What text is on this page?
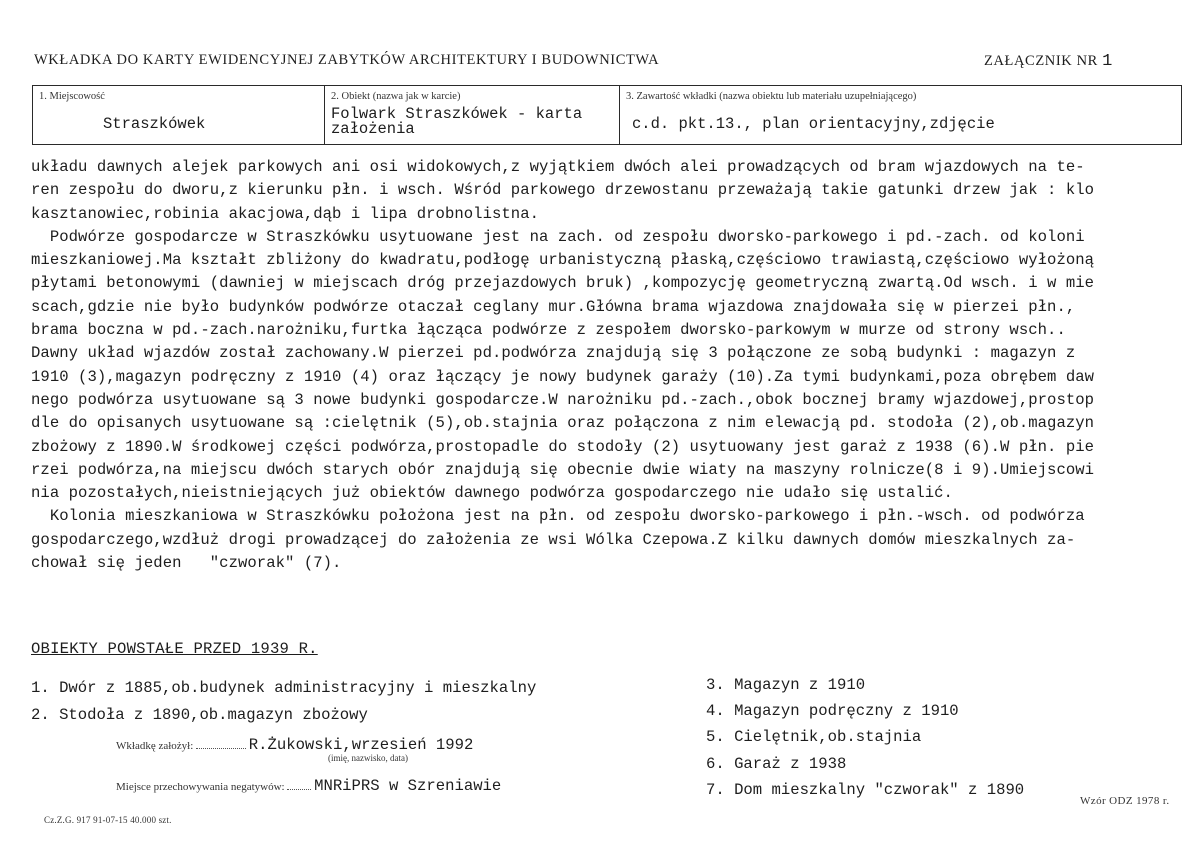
WKŁADKA DO KARTY EWIDENCYJNEJ ZABYTKÓW ARCHITEKTURY I BUDOWNICTWA	ZAŁĄCZNIK NR 1
1. Miejscowość
Straszkówek
2. Obiekt (nazwa jak w karcie)
Folwark Straszkówek - karta
założenia
3. Zawartość wkładki (nazwa obiektu lub materiału uzupełniającego)
c.d. pkt.13., plan orientacyjny,zdjęcie
układu dawnych alejek parkowych ani osi widokowych,z wyjątkiem dwóch alei prowadzących od bram wjazdowych na te-
ren zespołu do dworu,z kierunku płn. i wsch. Wśród parkowego drzewostanu przeważają takie gatunki drzew jak : klo
kasztanowiec,robinia akacjowa,dąb i lipa drobnolistna.
Podwórze gospodarcze w Straszkówku usytuowane jest na zach. od zespołu dworsko-parkowego i pd.-zach. od koloni
mieszkaniowej.Ma kształt zbliżony do kwadratu,podłogę urbanistyczną płaską,częściowo trawiastą,częściowo wyłożoną
płytami betonowymi (dawniej w miejscach dróg przejazdowych bruk) ,kompozycję geometryczną zwartą.Od wsch. i w mie
scach,gdzie nie było budynków podwórze otaczał ceglany mur.Główna brama wjazdowa znajdowała się w pierzei płn.,
brama boczna w pd.-zach.narożniku,furtka łącząca podwórze z zespołem dworsko-parkowym w murze od strony wsch..
Dawny układ wjazdów został zachowany.W pierzei pd.podwórza znajdują się 3 połączone ze sobą budynki : magazyn z
1910 (3),magazyn podręczny z 1910 (4) oraz łączący je nowy budynek garaży (10).Za tymi budynkami,poza obrębem daw
nego podwórza usytuowane są 3 nowe budynki gospodarcze.W narożniku pd.-zach.,obok bocznej bramy wjazdowej,prostop
dle do opisanych usytuowane są :cielętnik (5),ob.stajnia oraz połączona z nim elewacją pd. stodoła (2),ob.magazyn
zbożowy z 1890.W środkowej części podwórza,prostopadle do stodoły (2) usytuowany jest garaż z 1938 (6).W płn. pie
rzei podwórza,na miejscu dwóch starych obór znajdują się obecnie dwie wiaty na maszyny rolnicze(8 i 9).Umiejscowi
nia pozostałych,nieistniejących już obiektów dawnego podwórza gospodarczego nie udało się ustalić.
Kolonia mieszkaniowa w Straszkówku położona jest na płn. od zespołu dworsko-parkowego i płn.-wsch. od podwórza
gospodarczego,wzdłuż drogi prowadzącej do założenia ze wsi Wólka Czepowa.Z kilku dawnych domów mieszkalnych za-
chował się jeden   "czworak" (7).
OBIEKTY POWSTAŁE PRZED 1939 R.
1. Dwór z 1885,ob.budynek administracyjny i mieszkalny
2. Stodoła z 1890,ob.magazyn zbożowy
3. Magazyn z 1910
4. Magazyn podręczny z 1910
5. Cielętnik,ob.stajnia
6. Garaż z 1938
7. Dom mieszkalny "czworak" z 1890
Wkładkę założył:	R.Żukowski,wrzesień 1992
(imię, nazwisko, data)
Miejsce przechowywania negatywów: MNRiPRS w Szreniawie
Cz.Z.G. 917 91-07-15 40.000 szt.
Wzór ODZ 1978 r.
